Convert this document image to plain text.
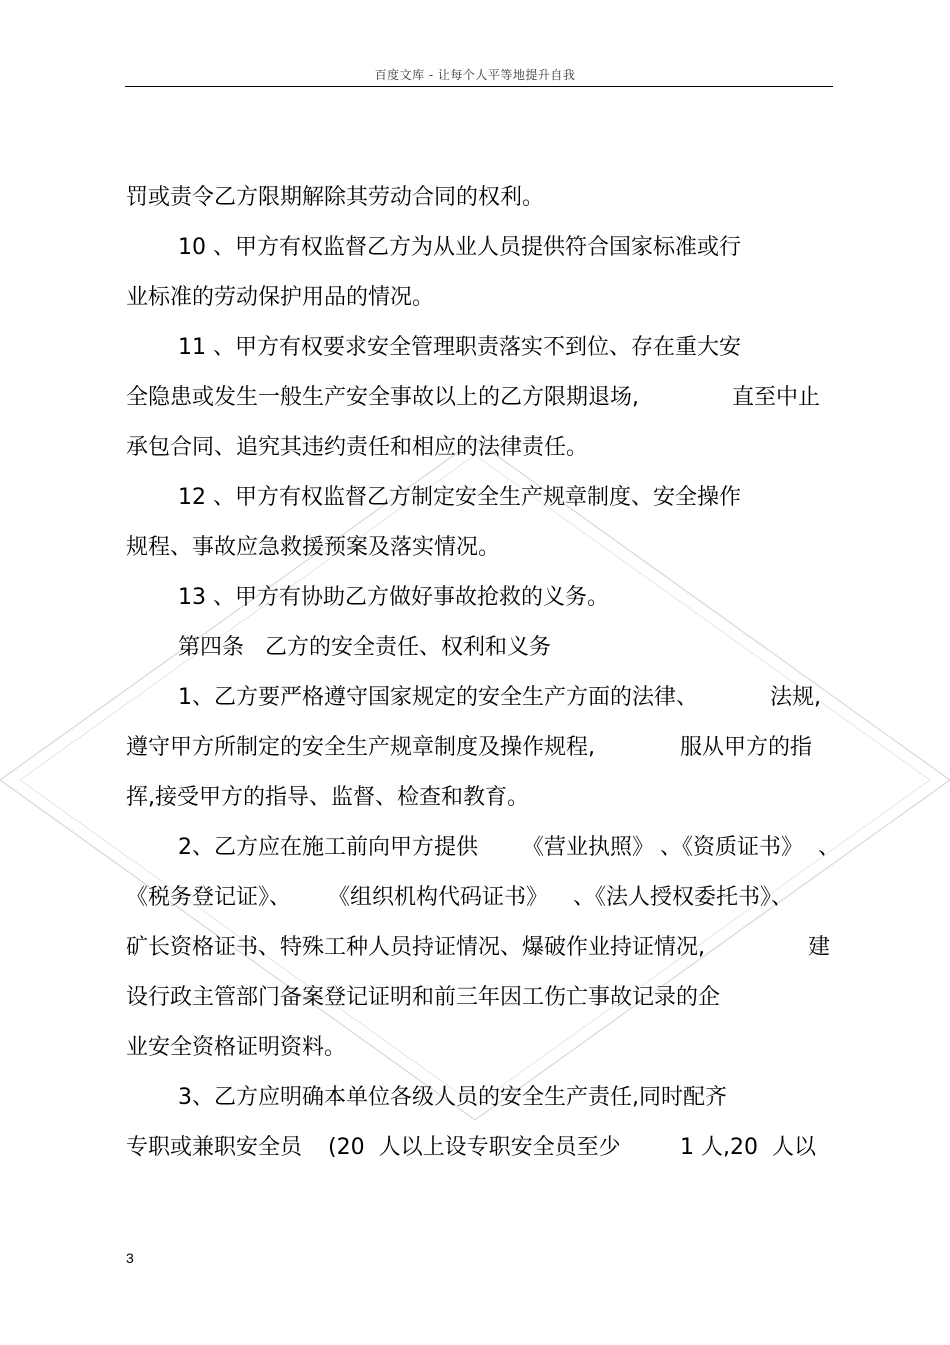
百度文库 - 让每个人平等地提升自我
罚或责令乙方限期解除其劳动合同的权利。
10 、甲方有权监督乙方为从业人员提供符合国家标准或行
业标准的劳动保护用品的情况。
11 、甲方有权要求安全管理职责落实不到位、存在重大安
全隐患或发生一般生产安全事故以上的乙方限期退场,	直至中止
承包合同、追究其违约责任和相应的法律责任。
12 、甲方有权监督乙方制定安全生产规章制度、安全操作
规程、事故应急救援预案及落实情况。
13 、甲方有协助乙方做好事故抢救的义务。
第四条   乙方的安全责任、权利和义务
1、乙方要严格遵守国家规定的安全生产方面的法律、	法规,
遵守甲方所制定的安全生产规章制度及操作规程,	服从甲方的指
挥,接受甲方的指导、监督、检查和教育。
2、乙方应在施工前向甲方提供 《营业执照》 、《资质证书》 、
《税务登记证》、 《组织机构代码证书》 、《法人授权委托书》、
矿长资格证书、特殊工种人员持证情况、爆破作业持证情况,	建
设行政主管部门备案登记证明和前三年因工伤亡事故记录的企
业安全资格证明资料。
3、乙方应明确本单位各级人员的安全生产责任,同时配齐
专职或兼职安全员 (20  人以上设专职安全员至少	1 人,20  人以
3
